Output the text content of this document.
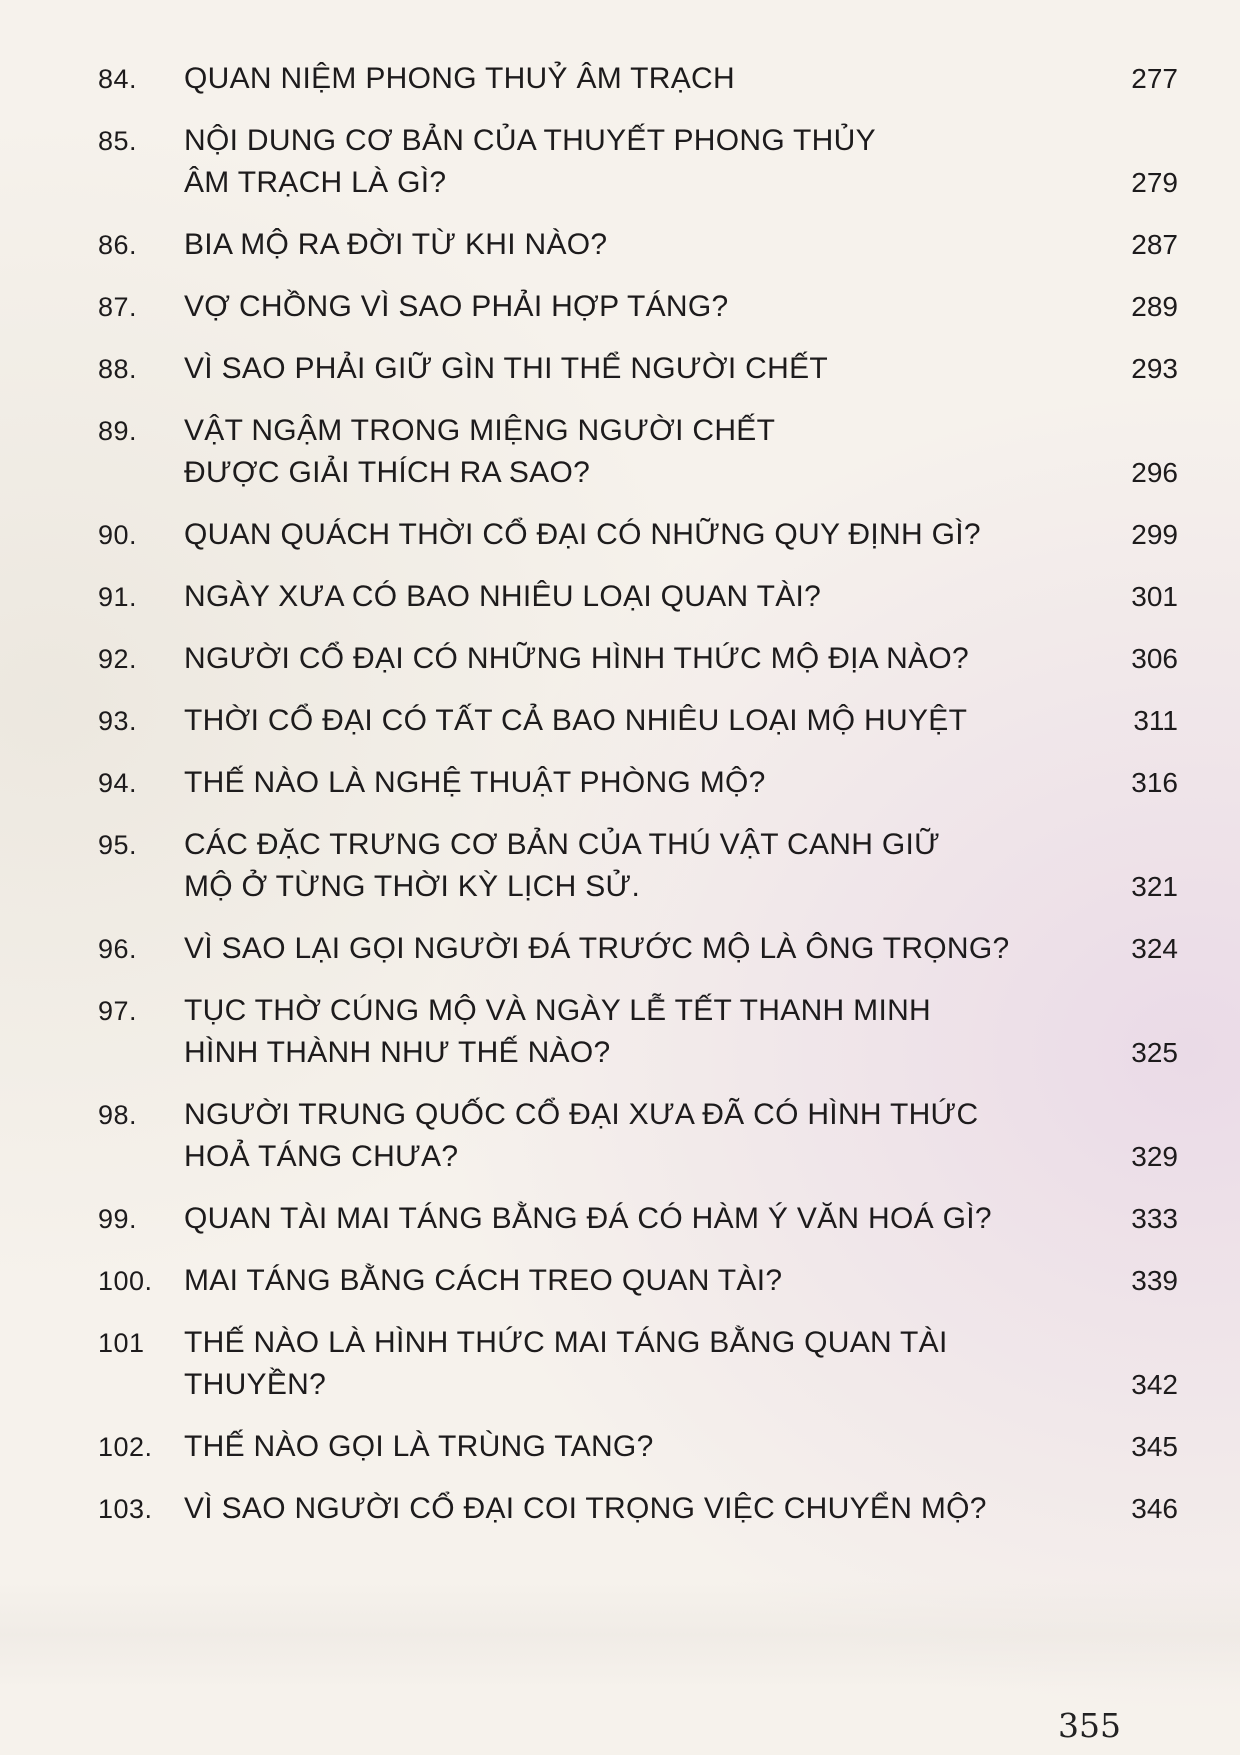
84.	QUAN NIỆM PHONG THUỶ ÂM TRẠCH	277
85.	NỘI DUNG CƠ BẢN CỦA THUYẾT PHONG THỦY
ÂM TRẠCH LÀ GÌ?	279
86.	BIA MỘ RA ĐỜI TỪ KHI NÀO?	287
87.	VỢ CHỒNG VÌ SAO PHẢI HỢP TÁNG?	289
88.	VÌ SAO PHẢI GIỮ GÌN THI THỂ NGƯỜI CHẾT	293
89.	VẬT NGẬM TRONG MIỆNG NGƯỜI CHẾT
ĐƯỢC GIẢI THÍCH RA SAO?	296
90.	QUAN QUÁCH THỜI CỔ ĐẠI CÓ NHỮNG QUY ĐỊNH GÌ?	299
91.	NGÀY XƯA CÓ BAO NHIÊU LOẠI QUAN TÀI?	301
92.	NGƯỜI CỔ ĐẠI CÓ NHỮNG HÌNH THỨC MỘ ĐỊA NÀO?	306
93.	THỜI CỔ ĐẠI CÓ TẤT CẢ BAO NHIÊU LOẠI MỘ HUYỆT	311
94.	THẾ NÀO LÀ NGHỆ THUẬT PHÒNG MỘ?	316
95.	CÁC ĐẶC TRƯNG CƠ BẢN CỦA THÚ VẬT CANH GIỮ
MỘ Ở TỪNG THỜI KỲ LỊCH SỬ.	321
96.	VÌ SAO LẠI GỌI NGƯỜI ĐÁ TRƯỚC MỘ LÀ ÔNG TRỌNG?	324
97.	TỤC THỜ CÚNG MỘ VÀ NGÀY LỄ TẾT THANH MINH
HÌNH THÀNH NHƯ THẾ NÀO?	325
98.	NGƯỜI TRUNG QUỐC CỔ ĐẠI XƯA ĐÃ CÓ HÌNH THỨC
HOẢ TÁNG CHƯA?	329
99.	QUAN TÀI MAI TÁNG BẰNG ĐÁ CÓ HÀM Ý VĂN HOÁ GÌ?	333
100.	MAI TÁNG BẰNG CÁCH TREO QUAN TÀI?	339
101	THẾ NÀO LÀ HÌNH THỨC MAI TÁNG BẰNG QUAN TÀI THUYỀN?	342
102.	THẾ NÀO GỌI LÀ TRÙNG TANG?	345
103.	VÌ SAO NGƯỜI CỔ ĐẠI COI TRỌNG VIỆC CHUYỂN MỘ?	346
355
